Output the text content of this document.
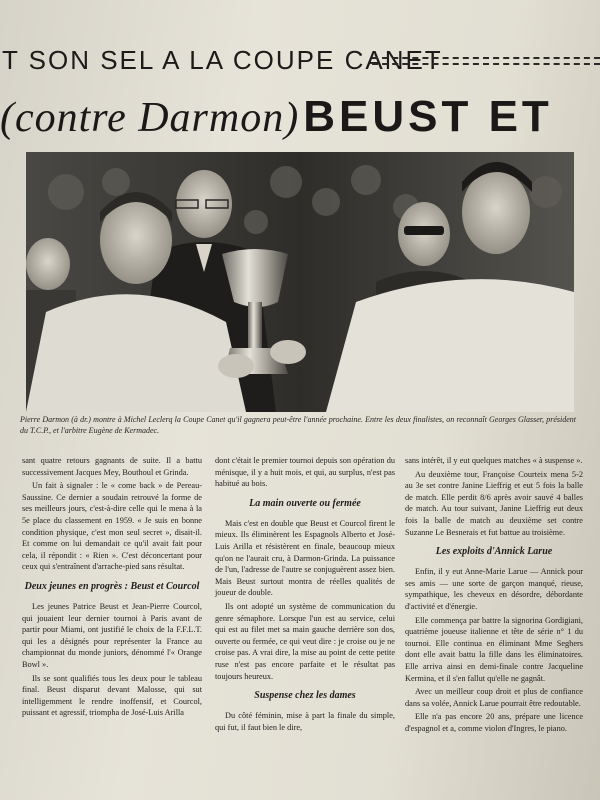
T SON SEL A LA COUPE CANET
(contre Darmon) BEUST ET
Pierre Darmon (à dr.) montre à Michel Leclerq la Coupe Canet qu'il gagnera peut-être l'année prochaine. Entre les deux finalistes, on reconnaît Georges Glasser, président du T.C.P., et l'arbitre Eugène de Kermadec.

sant quatre retours gagnants de suite. Il a battu successivement Jacques Mey, Bouthoul et Grinda.

Un fait à signaler : le « come back » de Pereau-Saussine. Ce dernier a soudain retrouvé la forme de ses meilleurs jours, c'est-à-dire celle qui le mena à la 5e place du classement en 1959. « Je suis en bonne condition physique, c'est mon seul secret », disait-il. Et comme on lui demandait ce qu'il avait fait pour cela, il répondit : « Rien ». C'est déconcertant pour ceux qui s'entraînent d'arrache-pied sans résultat.

Deux jeunes en progrès : Beust et Courcol

Les jeunes Patrice Beust et Jean-Pierre Courcol, qui jouaient leur dernier tournoi à Paris avant de partir pour Miami, ont justifié le choix de la F.F.L.T. qui les a désignés pour représenter la France au championnat du monde juniors, dénommé l'« Orange Bowl ».

Ils se sont qualifiés tous les deux pour le tableau final. Beust disparut devant Malosse, qui sut intelligemment le rendre inoffensif, et Courcol, puissant et agressif, triompha de José-Luis Arilla

dont c'était le premier tournoi depuis son opération du ménisque, il y a huit mois, et qui, au surplus, n'est pas habitué au bois.

La main ouverte ou fermée

Mais c'est en double que Beust et Courcol firent le mieux. Ils éliminèrent les Espagnols Alberto et José-Luis Arilla et résistèrent en finale, beaucoup mieux qu'on ne l'aurait cru, à Darmon-Grinda. La puissance de l'un, l'adresse de l'autre se conjuguèrent assez bien. Mais Beust surtout montra de réelles qualités de joueur de double.

Ils ont adopté un système de communication du genre sémaphore. Lorsque l'un est au service, celui qui est au filet met sa main gauche derrière son dos, ouverte ou fermée, ce qui veut dire : je croise ou je ne croise pas. A vrai dire, la mise au point de cette petite ruse n'est pas encore parfaite et le résultat pas toujours heureux.

Suspense chez les dames

Du côté féminin, mise à part la finale du simple, qui fut, il faut bien le dire,

sans intérêt, il y eut quelques matches « à suspense ».

Au deuxième tour, Françoise Courteix mena 5-2 au 3e set contre Janine Lieffrig et eut 5 fois la balle de match. Elle perdit 8/6 après avoir sauvé 4 balles de match. Au tour suivant, Janine Lieffrig eut deux fois la balle de match au deuxième set contre Suzanne Le Besnerais et fut battue au troisième.

Les exploits d'Annick Larue

Enfin, il y eut Anne-Marie Larue — Annick pour ses amis — une sorte de garçon manqué, rieuse, sympathique, les cheveux en désordre, débordante d'activité et d'énergie.

Elle commença par battre la signorina Gordigiani, quatrième joueuse italienne et tête de série n° 1 du tournoi. Elle continua en éliminant Mme Seghers dont elle avait battu la fille dans les éliminatoires. Elle arriva ainsi en demi-finale contre Jacqueline Kermina, et il s'en fallut qu'elle ne gagnât.

Avec un meilleur coup droit et plus de confiance dans sa volée, Annick Larue pourrait être redoutable.

Elle n'a pas encore 20 ans, prépare une licence d'espagnol et a, comme violon d'Ingres, le piano.
